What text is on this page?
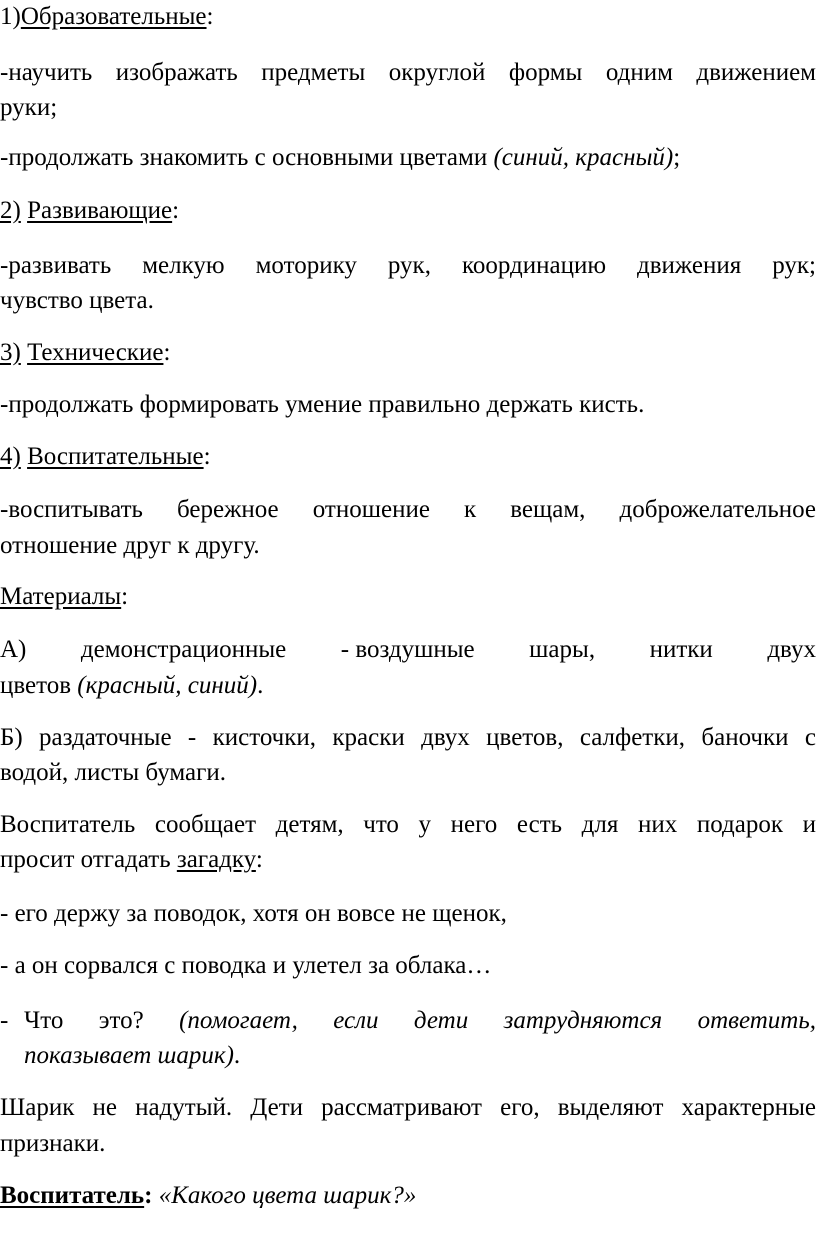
1)Образовательные:
-научить изображать предметы округлой формы одним движением
руки;
-продолжать знакомить с основными цветами (синий, красный);
2) Развивающие:
-развивать мелкую моторику рук, координацию движения рук;
чувство цвета.
3) Технические:
-продолжать формировать умение правильно держать кисть.
4) Воспитательные:
-воспитывать бережное отношение к вещам, доброжелательное
отношение друг к другу.
Материалы:
А) демонстрационные - воздушные шары, нитки двух
цветов (красный, синий).
Б) раздаточные - кисточки, краски двух цветов, салфетки, баночки с
водой, листы бумаги.
Воспитатель сообщает детям, что у него есть для них подарок и
просит отгадать загадку:
- его держу за поводок, хотя он вовсе не щенок,
- а он сорвался с поводка и улетел за облака…
- Что это? (помогает, если дети затрудняются ответить,
показывает шарик).
Шарик не надутый. Дети рассматривают его, выделяют характерные
признаки.
Воспитатель: «Какого цвета шарик?»
